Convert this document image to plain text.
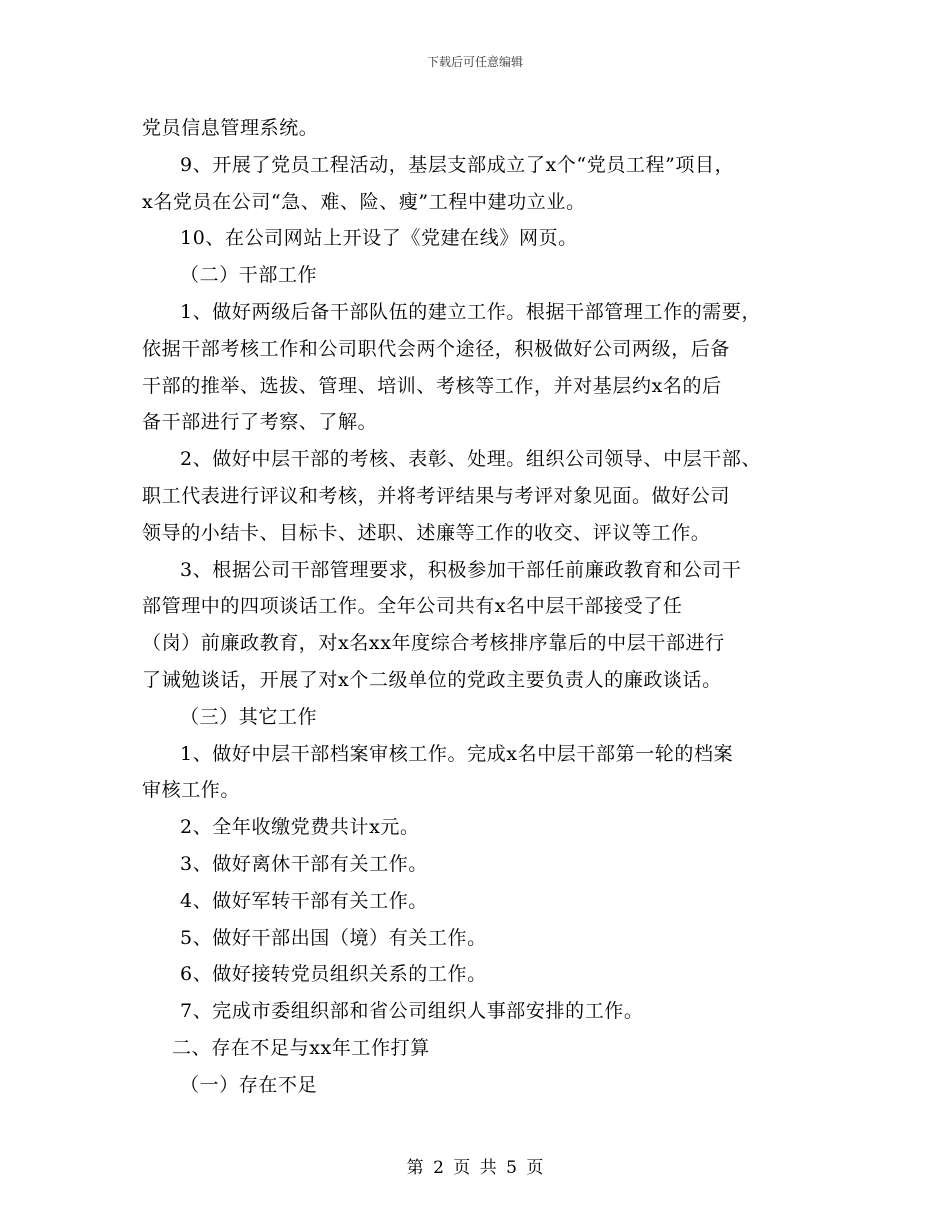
下载后可任意编辑
党员信息管理系统。
9、开展了党员工程活动，基层支部成立了x个“党员工程”项目，
x名党员在公司“急、难、险、瘦”工程中建功立业。
10、在公司网站上开设了《党建在线》网页。
（二）干部工作
1、做好两级后备干部队伍的建立工作。根据干部管理工作的需要，
依据干部考核工作和公司职代会两个途径，积极做好公司两级，后备
干部的推举、选拔、管理、培训、考核等工作，并对基层约x名的后
备干部进行了考察、了解。
2、做好中层干部的考核、表彰、处理。组织公司领导、中层干部、
职工代表进行评议和考核，并将考评结果与考评对象见面。做好公司
领导的小结卡、目标卡、述职、述廉等工作的收交、评议等工作。
3、根据公司干部管理要求，积极参加干部任前廉政教育和公司干
部管理中的四项谈话工作。全年公司共有x名中层干部接受了任
（岗）前廉政教育，对x名xx年度综合考核排序靠后的中层干部进行
了诫勉谈话，开展了对x个二级单位的党政主要负责人的廉政谈话。
（三）其它工作
1、做好中层干部档案审核工作。完成x名中层干部第一轮的档案
审核工作。
2、全年收缴党费共计x元。
3、做好离休干部有关工作。
4、做好军转干部有关工作。
5、做好干部出国（境）有关工作。
6、做好接转党员组织关系的工作。
7、完成市委组织部和省公司组织人事部安排的工作。
二、存在不足与xx年工作打算
（一）存在不足
第 2 页 共 5 页
